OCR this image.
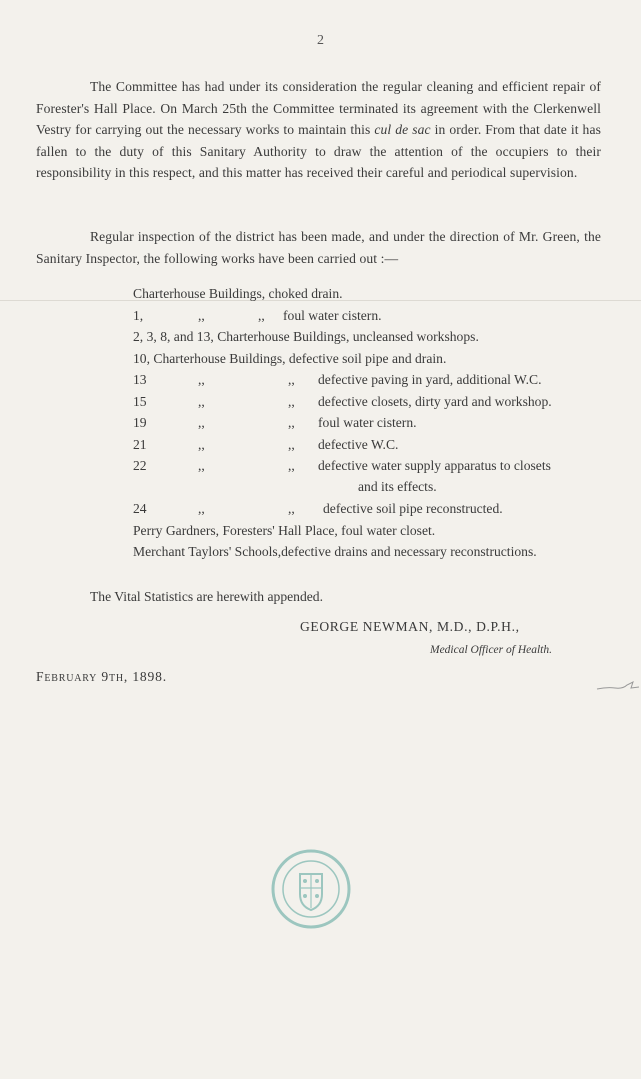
2

The Committee has had under its consideration the regular cleaning and efficient repair of Forester's Hall Place. On March 25th the Committee terminated its agreement with the Clerkenwell Vestry for carrying out the necessary works to maintain this cul de sac in order. From that date it has fallen to the duty of this Sanitary Authority to draw the attention of the occupiers to their responsibility in this respect, and this matter has received their careful and periodical supervision.

Regular inspection of the district has been made, and under the direction of Mr. Green, the Sanitary Inspector, the following works have been carried out :—

Charterhouse Buildings, choked drain.
1,	,,	,, foul water cistern.
2, 3, 8, and 13, Charterhouse Buildings, uncleansed workshops.
10, Charterhouse Buildings, defective soil pipe and drain.
13	,,	,, defective paving in yard, additional W.C.
15	,,	,, defective closets, dirty yard and workshop.
19	,,	,, foul water cistern.
21	,,	,, defective W.C.
22	,,	,, defective water supply apparatus to closets
and its effects.
24	,,	,, defective soil pipe reconstructed.
Perry Gardners, Foresters' Hall Place, foul water closet.
Merchant Taylors' Schools,defective drains and necessary reconstructions.
The Vital Statistics are herewith appended.
GEORGE NEWMAN, M.D., D.P.H.,
Medical Officer of Health.
February 9th, 1898.
